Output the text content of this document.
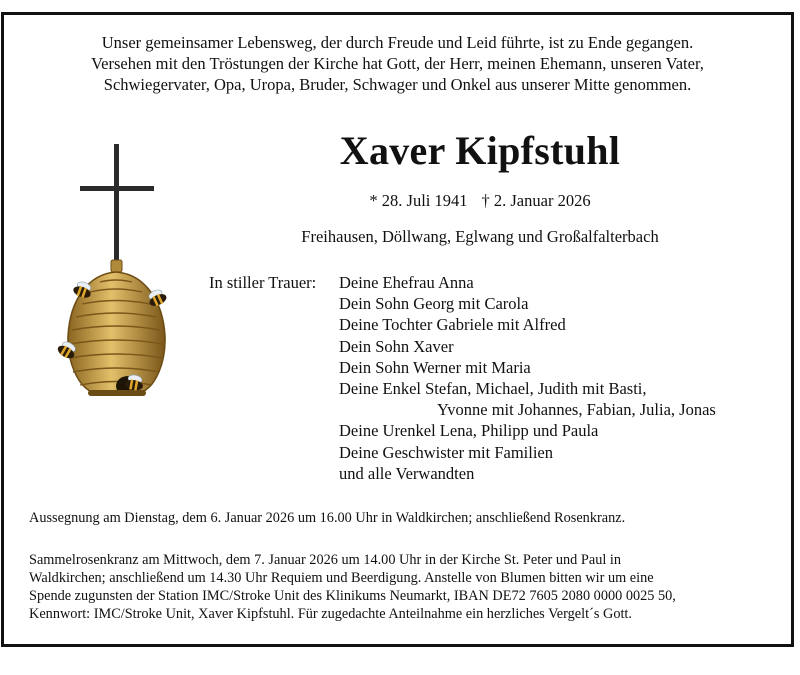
Unser gemeinsamer Lebensweg, der durch Freude und Leid führte, ist zu Ende gegangen.
Versehen mit den Tröstungen der Kirche hat Gott, der Herr, meinen Ehemann, unseren Vater,
Schwiegervater, Opa, Uropa, Bruder, Schwager und Onkel aus unserer Mitte genommen.
Xaver Kipfstuhl
* 28. Juli 1941 † 2. Januar 2026
Freihausen, Döllwang, Eglwang und Großalfalterbach
In stiller Trauer: Deine Ehefrau Anna
Dein Sohn Georg mit Carola
Deine Tochter Gabriele mit Alfred
Dein Sohn Xaver
Dein Sohn Werner mit Maria
Deine Enkel Stefan, Michael, Judith mit Basti,
Yvonne mit Johannes, Fabian, Julia, Jonas
Deine Urenkel Lena, Philipp und Paula
Deine Geschwister mit Familien
und alle Verwandten
Aussegnung am Dienstag, dem 6. Januar 2026 um 16.00 Uhr in Waldkirchen; anschließend Rosenkranz.
Sammelrosenkranz am Mittwoch, dem 7. Januar 2026 um 14.00 Uhr in der Kirche St. Peter und Paul in
Waldkirchen; anschließend um 14.30 Uhr Requiem und Beerdigung. Anstelle von Blumen bitten wir um eine
Spende zugunsten der Station IMC/Stroke Unit des Klinikums Neumarkt, IBAN DE72 7605 2080 0000 0025 50,
Kennwort: IMC/Stroke Unit, Xaver Kipfstuhl. Für zugedachte Anteilnahme ein herzliches Vergelt´s Gott.
